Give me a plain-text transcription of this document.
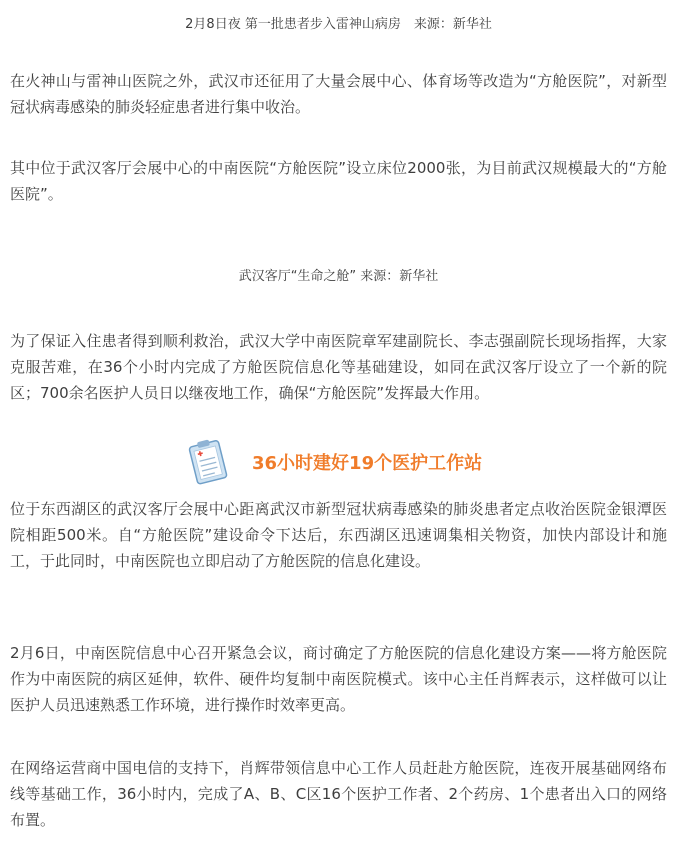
2月8日夜 第一批患者步入雷神山病房　来源：新华社
在火神山与雷神山医院之外，武汉市还征用了大量会展中心、体育场等改造为“方舱医院”，对新型冠状病毒感染的肺炎轻症患者进行集中收治。
其中位于武汉客厅会展中心的中南医院“方舱医院”设立床位2000张，为目前武汉规模最大的“方舱医院”。
武汉客厅“生命之舱” 来源：新华社
为了保证入住患者得到顺利救治，武汉大学中南医院章军建副院长、李志强副院长现场指挥，大家克服苦难，在36个小时内完成了方舱医院信息化等基础建设，如同在武汉客厅设立了一个新的院区；700余名医护人员日以继夜地工作，确保“方舱医院”发挥最大作用。
36小时建好19个医护工作站
位于东西湖区的武汉客厅会展中心距离武汉市新型冠状病毒感染的肺炎患者定点收治医院金银潭医院相距500米。自“方舱医院”建设命令下达后，东西湖区迅速调集相关物资，加快内部设计和施工，于此同时，中南医院也立即启动了方舱医院的信息化建设。
2月6日，中南医院信息中心召开紧急会议，商讨确定了方舱医院的信息化建设方案——将方舱医院作为中南医院的病区延伸，软件、硬件均复制中南医院模式。该中心主任肖辉表示，这样做可以让医护人员迅速熟悉工作环境，进行操作时效率更高。
在网络运营商中国电信的支持下，肖辉带领信息中心工作人员赶赴方舱医院，连夜开展基础网络布线等基础工作，36小时内，完成了A、B、C区16个医护工作者、2个药房、1个患者出入口的网络布置。
